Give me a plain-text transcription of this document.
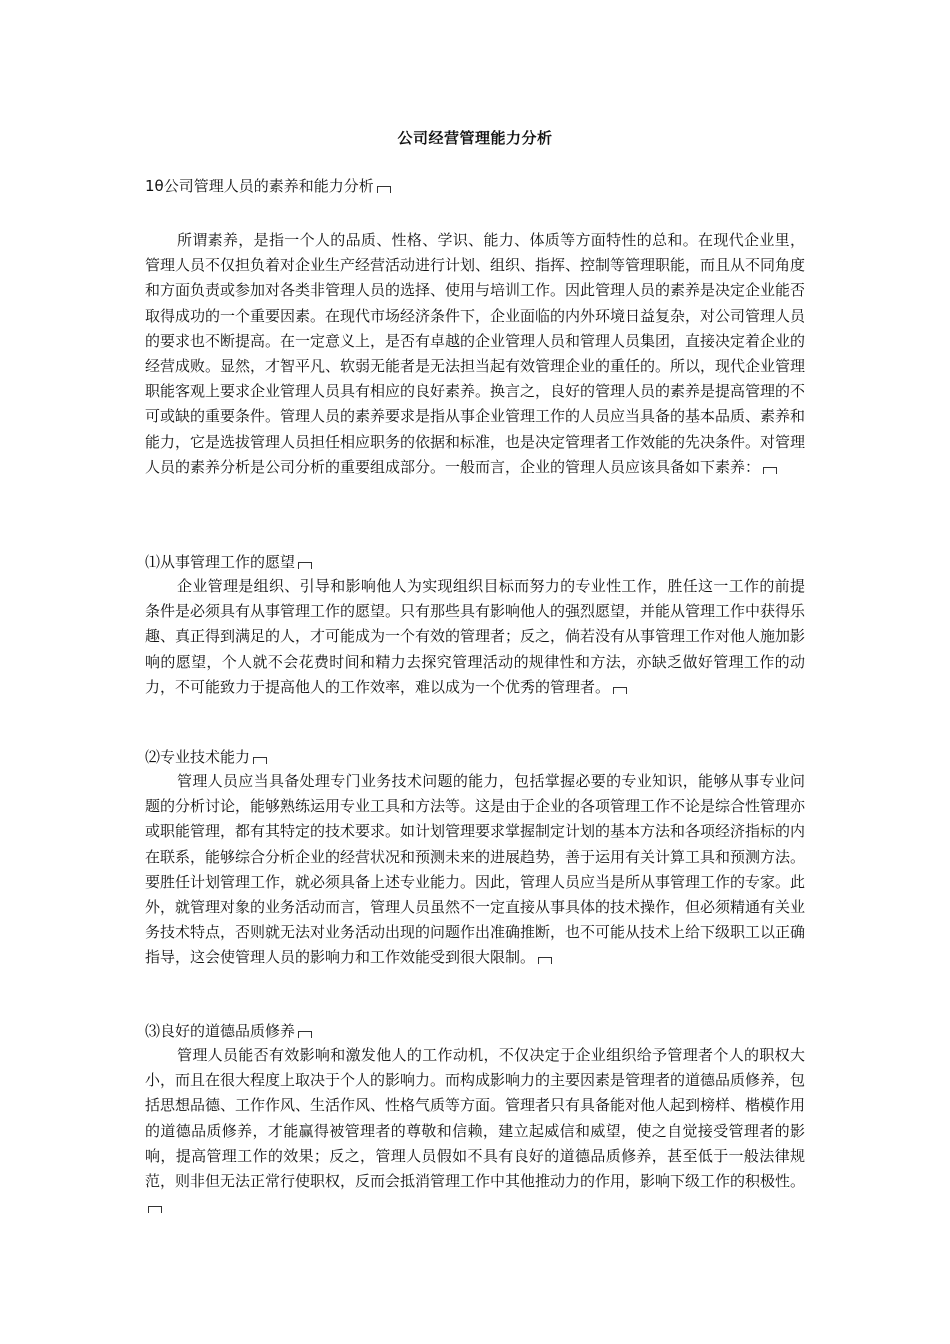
公司经营管理能力分析
1θ公司管理人员的素养和能力分析
所谓素养，是指一个人的品质、性格、学识、能力、体质等方面特性的总和。在现代企业里，管理人员不仅担负着对企业生产经营活动进行计划、组织、指挥、控制等管理职能，而且从不同角度和方面负责或参加对各类非管理人员的选择、使用与培训工作。因此管理人员的素养是决定企业能否取得成功的一个重要因素。在现代市场经济条件下，企业面临的内外环境日益复杂，对公司管理人员的要求也不断提高。在一定意义上，是否有卓越的企业管理人员和管理人员集团，直接决定着企业的经营成败。显然，才智平凡、软弱无能者是无法担当起有效管理企业的重任的。所以，现代企业管理职能客观上要求企业管理人员具有相应的良好素养。换言之，良好的管理人员的素养是提高管理的不可或缺的重要条件。管理人员的素养要求是指从事企业管理工作的人员应当具备的基本品质、素养和能力，它是选拔管理人员担任相应职务的依据和标准，也是决定管理者工作效能的先决条件。对管理人员的素养分析是公司分析的重要组成部分。一般而言，企业的管理人员应该具备如下素养：
⑴从事管理工作的愿望
企业管理是组织、引导和影响他人为实现组织目标而努力的专业性工作，胜任这一工作的前提条件是必须具有从事管理工作的愿望。只有那些具有影响他人的强烈愿望，并能从管理工作中获得乐趣、真正得到满足的人，才可能成为一个有效的管理者；反之，倘若没有从事管理工作对他人施加影响的愿望，个人就不会花费时间和精力去探究管理活动的规律性和方法，亦缺乏做好管理工作的动力，不可能致力于提高他人的工作效率，难以成为一个优秀的管理者。
⑵专业技术能力
管理人员应当具备处理专门业务技术问题的能力，包括掌握必要的专业知识，能够从事专业问题的分析讨论，能够熟练运用专业工具和方法等。这是由于企业的各项管理工作不论是综合性管理亦或职能管理，都有其特定的技术要求。如计划管理要求掌握制定计划的基本方法和各项经济指标的内在联系，能够综合分析企业的经营状况和预测未来的进展趋势，善于运用有关计算工具和预测方法。要胜任计划管理工作，就必须具备上述专业能力。因此，管理人员应当是所从事管理工作的专家。此外，就管理对象的业务活动而言，管理人员虽然不一定直接从事具体的技术操作，但必须精通有关业务技术特点，否则就无法对业务活动出现的问题作出准确推断，也不可能从技术上给下级职工以正确指导，这会使管理人员的影响力和工作效能受到很大限制。
⑶良好的道德品质修养
管理人员能否有效影响和激发他人的工作动机，不仅决定于企业组织给予管理者个人的职权大小，而且在很大程度上取决于个人的影响力。而构成影响力的主要因素是管理者的道德品质修养，包括思想品德、工作作风、生活作风、性格气质等方面。管理者只有具备能对他人起到榜样、楷模作用的道德品质修养，才能赢得被管理者的尊敬和信赖，建立起威信和威望，使之自觉接受管理者的影响，提高管理工作的效果；反之，管理人员假如不具有良好的道德品质修养，甚至低于一般法律规范，则非但无法正常行使职权，反而会抵消管理工作中其他推动力的作用，影响下级工作的积极性。
